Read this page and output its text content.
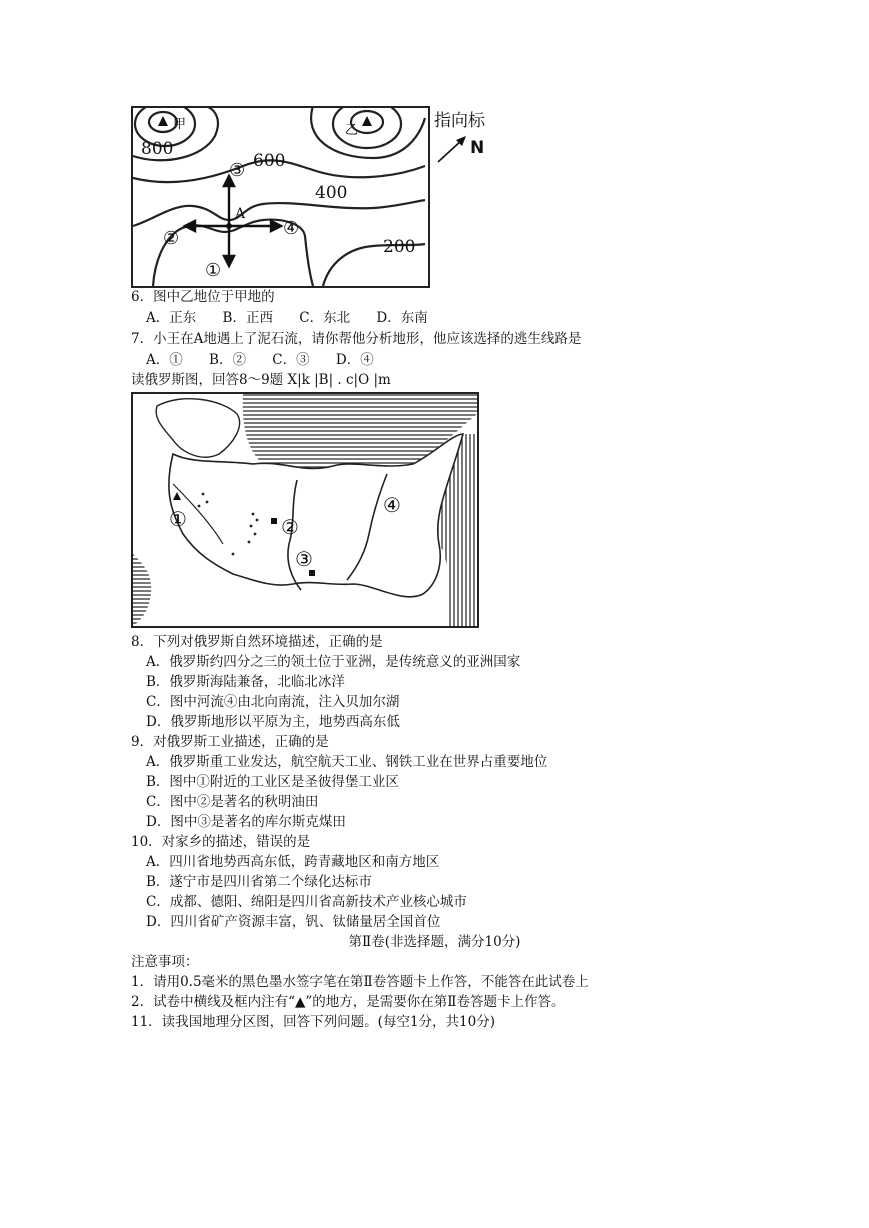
甲	乙
800
600
400
200
A
③
②	④
①
指向标
N
6．图中乙地位于甲地的
A．正东 B．正西 C．东北 D．东南
7．小王在A地遇上了泥石流，请你帮他分析地形，他应该选择的逃生线路是
A．① B．② C．③ D．④
读俄罗斯图，回答8～9题 X|k |B| . c|O |m
①	②
③
④
8．下列对俄罗斯自然环境描述，正确的是
A．俄罗斯约四分之三的领土位于亚洲，是传统意义的亚洲国家
B．俄罗斯海陆兼备，北临北冰洋
C．图中河流④由北向南流，注入贝加尔湖
D．俄罗斯地形以平原为主，地势西高东低
9．对俄罗斯工业描述，正确的是
A．俄罗斯重工业发达，航空航天工业、钢铁工业在世界占重要地位
B．图中①附近的工业区是圣彼得堡工业区
C．图中②是著名的秋明油田
D．图中③是著名的库尔斯克煤田
10．对家乡的描述，错误的是
A．四川省地势西高东低，跨青藏地区和南方地区
B．遂宁市是四川省第二个绿化达标市
C．成都、德阳、绵阳是四川省高新技术产业核心城市
D．四川省矿产资源丰富，钒、钛储量居全国首位
第Ⅱ卷(非选择题，满分10分)
注意事项：
1．请用0.5毫米的黑色墨水签字笔在第Ⅱ卷答题卡上作答，不能答在此试卷上
2．试卷中横线及框内注有“▲”的地方，是需要你在第Ⅱ卷答题卡上作答。
11．读我国地理分区图，回答下列问题。(每空1分，共10分)
